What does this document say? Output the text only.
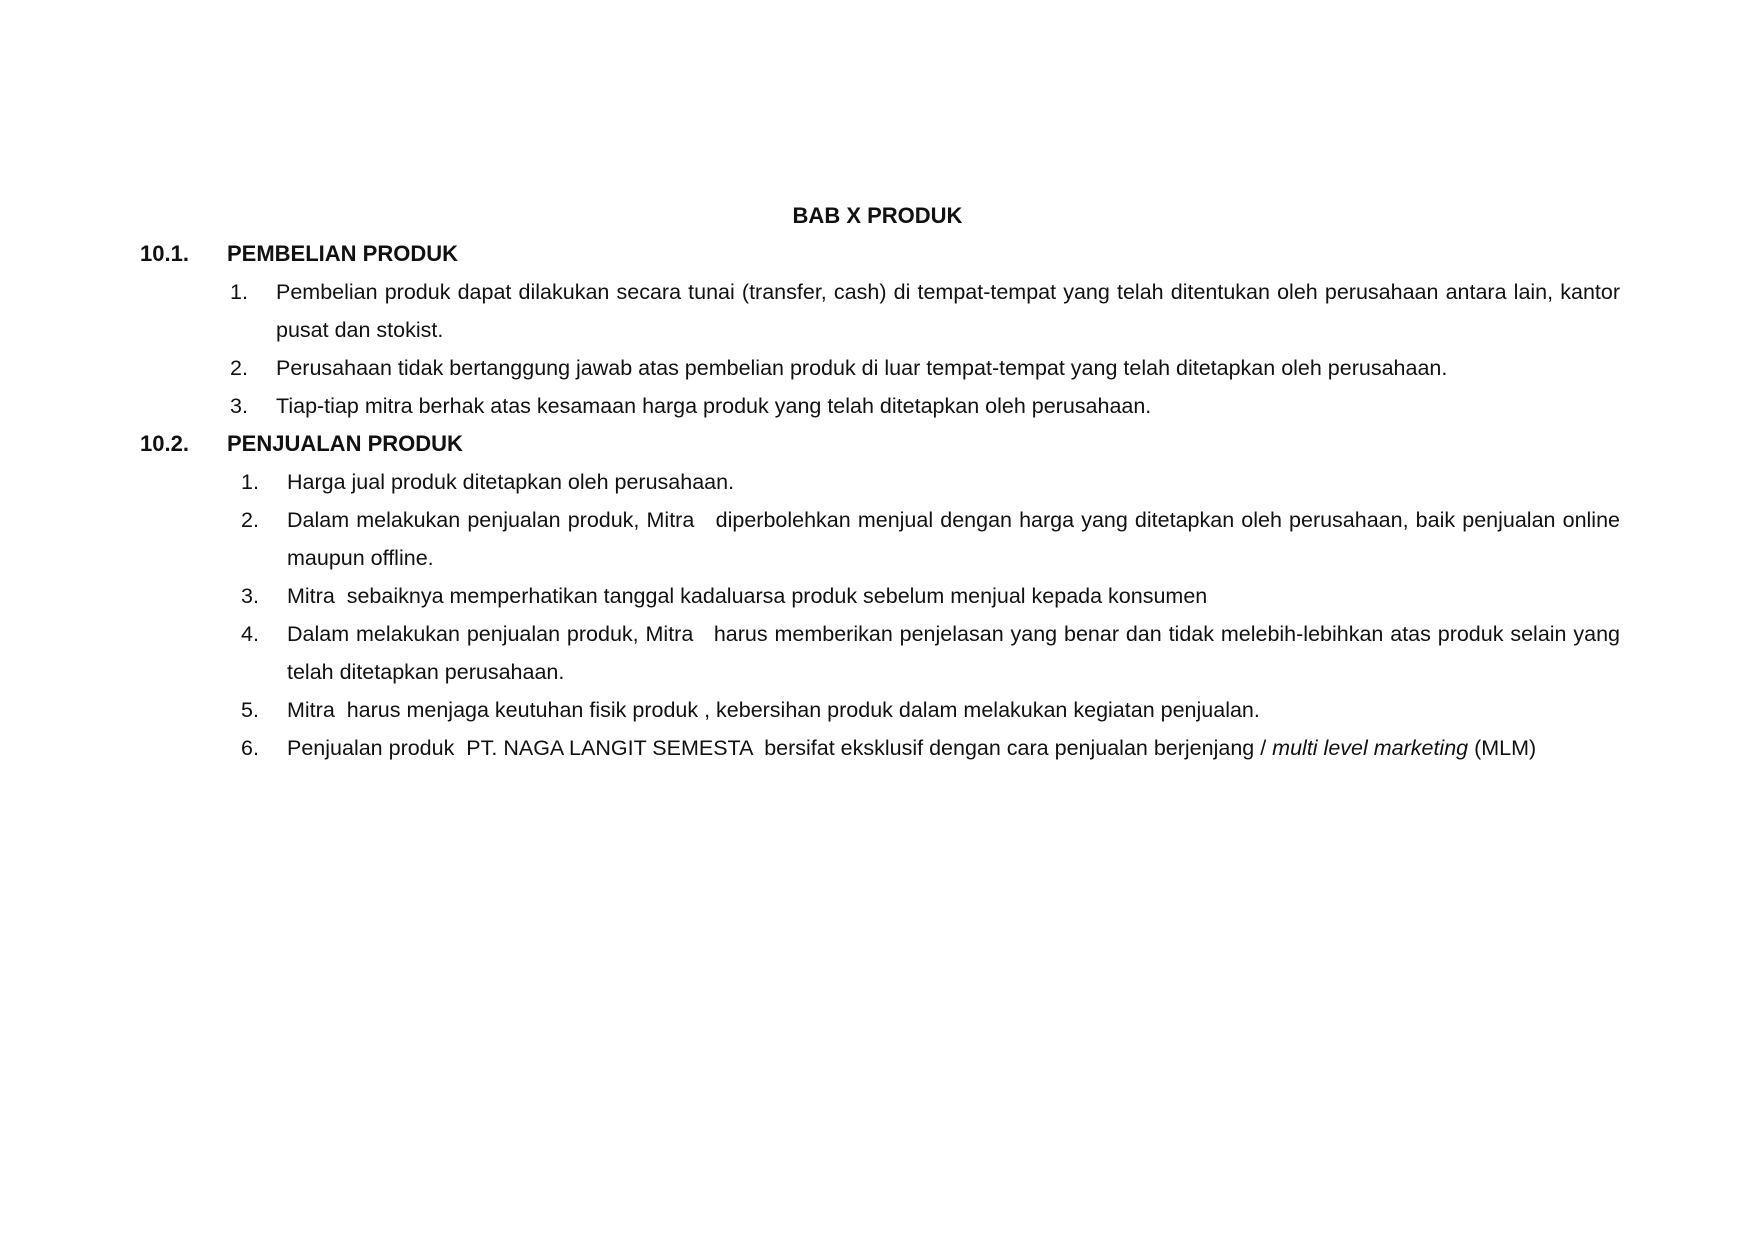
BAB X PRODUK
10.1.	PEMBELIAN PRODUK
1.	Pembelian produk dapat dilakukan secara tunai (transfer, cash) di tempat-tempat yang telah ditentukan oleh perusahaan antara lain, kantor pusat dan stokist.
2.	Perusahaan tidak bertanggung jawab atas pembelian produk di luar tempat-tempat yang telah ditetapkan oleh perusahaan.
3.	Tiap-tiap mitra berhak atas kesamaan harga produk yang telah ditetapkan oleh perusahaan.
10.2.	PENJUALAN PRODUK
1.	Harga jual produk ditetapkan oleh perusahaan.
2.	Dalam melakukan penjualan produk, Mitra   diperbolehkan menjual dengan harga yang ditetapkan oleh perusahaan, baik penjualan online maupun offline.
3.	Mitra  sebaiknya memperhatikan tanggal kadaluarsa produk sebelum menjual kepada konsumen
4.	Dalam melakukan penjualan produk, Mitra   harus memberikan penjelasan yang benar dan tidak melebih-lebihkan atas produk selain yang telah ditetapkan perusahaan.
5.	Mitra  harus menjaga keutuhan fisik produk , kebersihan produk dalam melakukan kegiatan penjualan.
6.	Penjualan produk  PT. NAGA LANGIT SEMESTA  bersifat eksklusif dengan cara penjualan berjenjang / multi level marketing (MLM)
